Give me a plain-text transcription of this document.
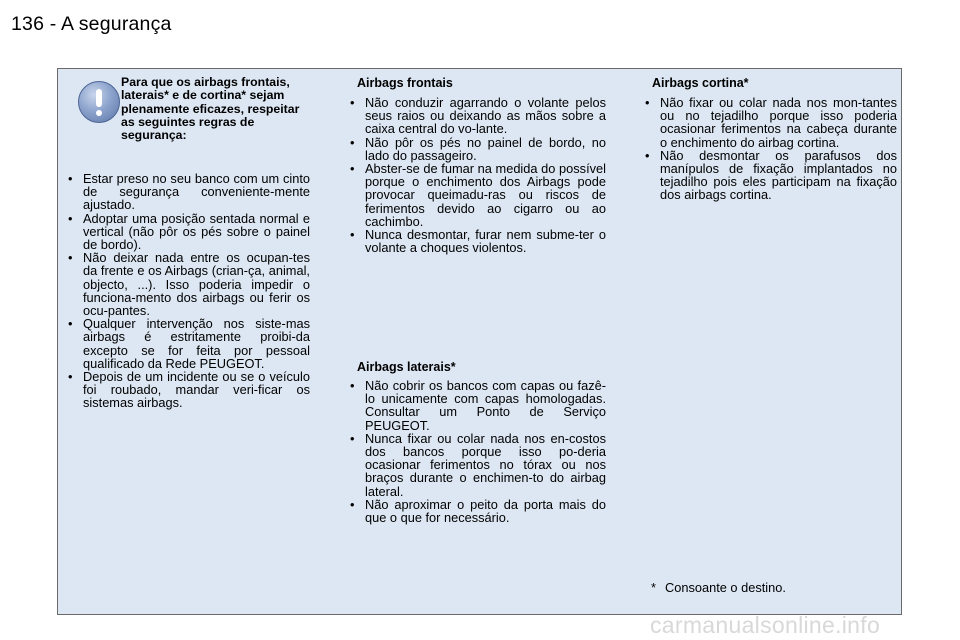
136 - A segurança
Para que os airbags frontais, laterais* e de cortina* sejam plenamente eficazes, respeitar as seguintes regras de segurança:
• Estar preso no seu banco com um cinto de segurança conveniente-mente ajustado.
• Adoptar uma posição sentada normal e vertical (não pôr os pés sobre o painel de bordo).
• Não deixar nada entre os ocupan-tes da frente e os Airbags (crian-ça, animal, objecto, ...). Isso poderia impedir o funciona-mento dos airbags ou ferir os ocu-pantes.
• Qualquer intervenção nos siste-mas airbags é estritamente proibi-da excepto se for feita por pessoal qualificado da Rede PEUGEOT.
• Depois de um incidente ou se o veículo foi roubado, mandar veri-ficar os sistemas airbags.
Airbags frontais
• Não conduzir agarrando o volante pelos seus raios ou deixando as mãos sobre a caixa central do vo-lante.
• Não pôr os pés no painel de bordo, no lado do passageiro.
• Abster-se de fumar na medida do possível porque o enchimento dos Airbags pode provocar queimadu-ras ou riscos de ferimentos devido ao cigarro ou ao cachimbo.
• Nunca desmontar, furar nem subme-ter o volante a choques violentos.
Airbags laterais*
• Não cobrir os bancos com capas ou fazê-lo unicamente com capas homologadas. Consultar um Ponto de Serviço PEUGEOT.
• Nunca fixar ou colar nada nos en-costos dos bancos porque isso po-deria ocasionar ferimentos no tórax ou nos braços durante o enchimen-to do airbag lateral.
• Não aproximar o peito da porta mais do que o que for necessário.
Airbags cortina*
• Não fixar ou colar nada nos mon-tantes ou no tejadilho porque isso poderia ocasionar ferimentos na cabeça durante o enchimento do airbag cortina.
• Não desmontar os parafusos dos manípulos de fixação implantados no tejadilho pois eles participam na fixação dos airbags cortina.
* Consoante o destino.
carmanualsonline.info
